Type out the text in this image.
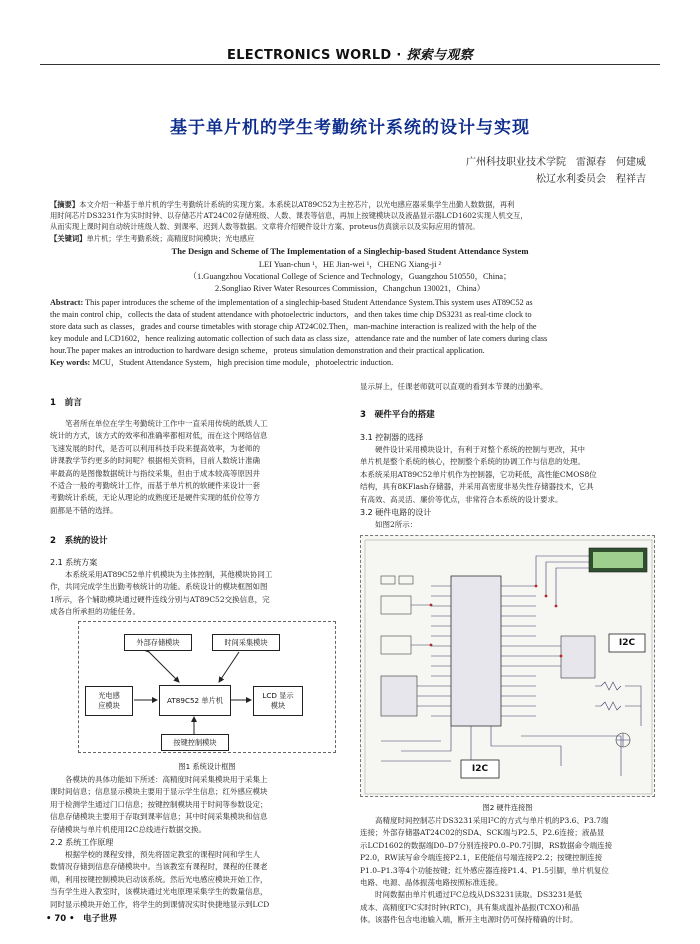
ELECTRONICS WORLD · 探索与观察
基于单片机的学生考勤统计系统的设计与实现
广州科技职业技术学院　雷源春　何建威
松辽水利委员会　程祥吉
【摘要】本文介绍一种基于单片机的学生考勤统计系统的实现方案。本系统以AT89C52为主控芯片，以光电感应器采集学生出勤人数数据，再利
用时间芯片DS3231作为实时时钟、以存储芯片AT24C02存储班级、人数、课表等信息，再加上按键模块以及液晶显示器LCD1602实现人机交互，
从而实现上课时间自动统计班级人数、到课率、迟到人数等数据。文章将介绍硬件设计方案、proteus仿真演示以及实际应用的情况。
【关键词】单片机；学生考勤系统；高精度时间模块；光电感应
The Design and Scheme of The Implementation of a Singlechip-based Student Attendance System
LEI Yuan-chun ¹，HE Jian-wei ¹，CHENG Xiang-ji ²
（1.Guangzhou Vocational College of Science and Technology，Guangzhou 510550，China；
2.Songliao River Water Resources Commission，Changchun 130021，China）
Abstract: This paper introduces the scheme of the implementation of a singlechip-based Student Attendance System.This system uses AT89C52 as
the main control chip，collects the data of student attendance with photoelectric inductors，and then takes time chip DS3231 as real-time clock to
store data such as classes，grades and course timetables with storage chip AT24C02.Then，man-machine interaction is realized with the help of the
key module and LCD1602，hence realizing automatic collection of such data as class size，attendance rate and the number of late comers during class
hour.The paper makes an introduction to hardware design scheme，proteus simulation demonstration and their practical application.
Key words: MCU，Student Attendance System，high precision time module，photoelectric induction.
1　 前言
　　笔者所在单位在学生考勤统计工作中一直采用传统的纸质人工
统计的方式，该方式的效率和准确率都相对低，而在这个网络信息
飞速发展的时代，是否可以利用科技手段来提高效率，为老师的
讲课教学节约更多的时间呢？根据相关资料，目前人数统计准确
率最高的是图像数据统计与指纹采集，但由于成本较高等原因并
不适合一般的考勤统计工作，而基于单片机的软硬件来设计一套
考勤统计系统，无论从理论的成熟度还是硬件实现的低价位等方
面都是不错的选择。
2　 系统的设计
2.1 系统方案
　　本系统采用AT89C52单片机模块为主体控制，其他模块协同工
作，共同完成学生出勤考核统计的功能。系统设计的模块框图如图
1所示，各个辅助模块通过硬件连线分别与AT89C52交换信息，完
成各自所承担的功能任务。
外部存储模块	时间采集模块
光电感
应模块
AT89C52 单片机	LCD 显示
模块
按键控制模块
图1 系统设计框图
　　各模块的具体功能如下所述：高精度时间采集模块用于采集上
课时间信息；信息显示模块主要用于显示学生信息；红外感应模块
用于检测学生通过门口信息；按键控制模块用于时间等参数设定；
信息存储模块主要用于存取到课率信息；其中时间采集模块和信息
存储模块与单片机使用I2C总线进行数据交换。
2.2 系统工作原理
　　根据学校的课程安排，预先将固定教室的课程时间和学生人
数情况存储到信息存储模块中。当该教室有课程时，课程的任课老
师，利用按键控制模块启动该系统。然后光电感应模块开始工作，
当有学生进入教室时，该模块通过光电原理采集学生的数量信息，
同时显示模块开始工作，将学生的到课情况实时快捷地显示到LCD
显示屏上，任课老师就可以直观的看到本节课的出勤率。
3　 硬件平台的搭建
3.1 控制器的选择
　　硬件设计采用模块设计，有利于对整个系统的控制与更改，其中
单片机是整个系统的核心，控制整个系统的协调工作与信息的处理。
本系统采用AT89C52单片机作为控制器，它功耗低，高性能CMOS8位
结构，具有8KFlash存储器，并采用高密度非易失性存储器技术，它具
有高效、高灵活、廉价等优点，非常符合本系统的设计要求。
3.2 硬件电路的设计
　　如图2所示：
I2C
I2C
图2 硬件连接图
　　高精度时间控制芯片DS3231采用I²C的方式与单片机的P3.6、P3.7端
连接；外部存储器AT24C02的SDA、SCK端与P2.5、P2.6连接；液晶显
示LCD1602的数据端D0–D7分别连接P0.0–P0.7引脚，RS数据命令端连接
P2.0，RW读写命令端连接P2.1，E使能信号端连接P2.2；按键控制连接
P1.0–P1.3等4个功能按键；红外感应器连接P1.4、P1.5引脚，单片机复位
电路、电源、晶体振荡电路按照标准连接。
　　时间数据由单片机通过I²C总线从DS3231读取。DS3231是低
成本、高精度I²C实时时钟(RTC)，具有集成温补晶振(TCXO)和晶
体。该器件包含电池输入端，断开主电源时仍可保持精确的计时。
• 70 •　 电子世界
